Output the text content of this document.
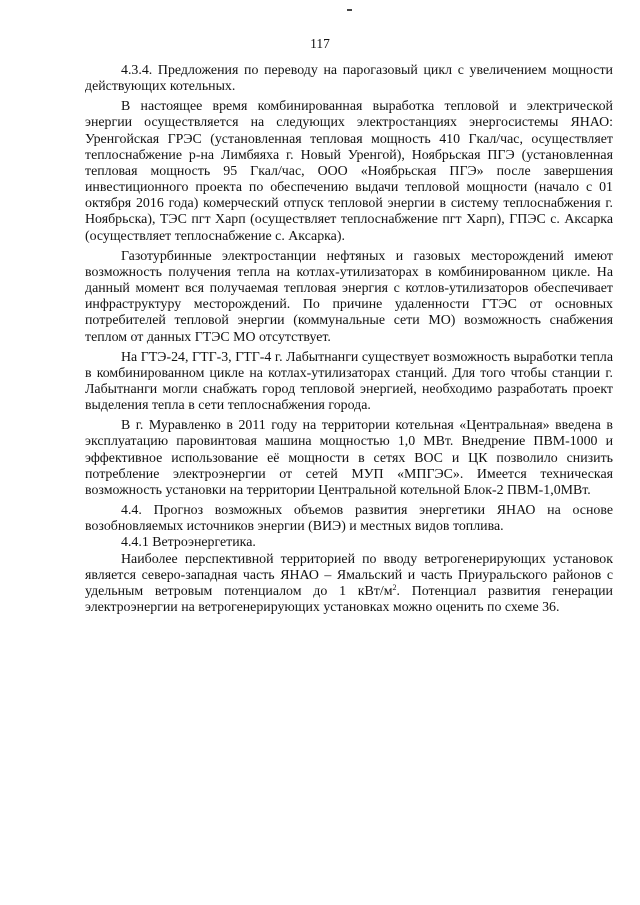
117

4.3.4. Предложения по переводу на парогазовый цикл с увеличением мощности действующих котельных.

В настоящее время комбинированная выработка тепловой и электрической энергии осуществляется на следующих электростанциях энергосистемы ЯНАО: Уренгойская ГРЭС (установленная тепловая мощность 410 Гкал/час, осуществляет теплоснабжение р-на Лимбяяха г. Новый Уренгой), Ноябрьская ПГЭ (установленная тепловая мощность 95 Гкал/час, ООО «Ноябрьская ПГЭ» после завершения инвестиционного проекта по обеспечению выдачи тепловой мощности (начало с 01 октября 2016 года) комерческий отпуск тепловой энергии в систему теплоснабжения г. Ноябрьска), ТЭС пгт Харп (осуществляет теплоснабжение пгт Харп), ГПЭС с. Аксарка (осуществляет теплоснабжение с. Аксарка).

Газотурбинные электростанции нефтяных и газовых месторождений имеют возможность получения тепла на котлах-утилизаторах в комбинированном цикле. На данный момент вся получаемая тепловая энергия с котлов-утилизаторов обеспечивает инфраструктуру месторождений. По причине удаленности ГТЭС от основных потребителей тепловой энергии (коммунальные сети МО) возможность снабжения теплом от данных ГТЭС МО отсутствует.

На ГТЭ-24, ГТГ-3, ГТГ-4 г. Лабытнанги существует возможность выработки тепла в комбинированном цикле на котлах-утилизаторах станций. Для того чтобы станции г. Лабытнанги могли снабжать город тепловой энергией, необходимо разработать проект выделения тепла в сети теплоснабжения города.

В г. Муравленко в 2011 году на территории котельная «Центральная» введена в эксплуатацию паровинтовая машина мощностью 1,0 МВт. Внедрение ПВМ-1000 и эффективное использование её мощности в сетях ВОС и ЦК позволило снизить потребление электроэнергии от сетей МУП «МПГЭС». Имеется техническая возможность установки на территории Центральной котельной Блок-2 ПВМ-1,0МВт.

4.4. Прогноз возможных объемов развития энергетики ЯНАО на основе возобновляемых источников энергии (ВИЭ) и местных видов топлива.

4.4.1 Ветроэнергетика.

Наиболее перспективной территорией по вводу ветрогенерирующих установок является северо-западная часть ЯНАО – Ямальский и часть Приуральского районов с удельным ветровым потенциалом до 1 кВт/$м^2$. Потенциал развития генерации электроэнергии на ветрогенерирующих установках можно оценить по схеме 36.
